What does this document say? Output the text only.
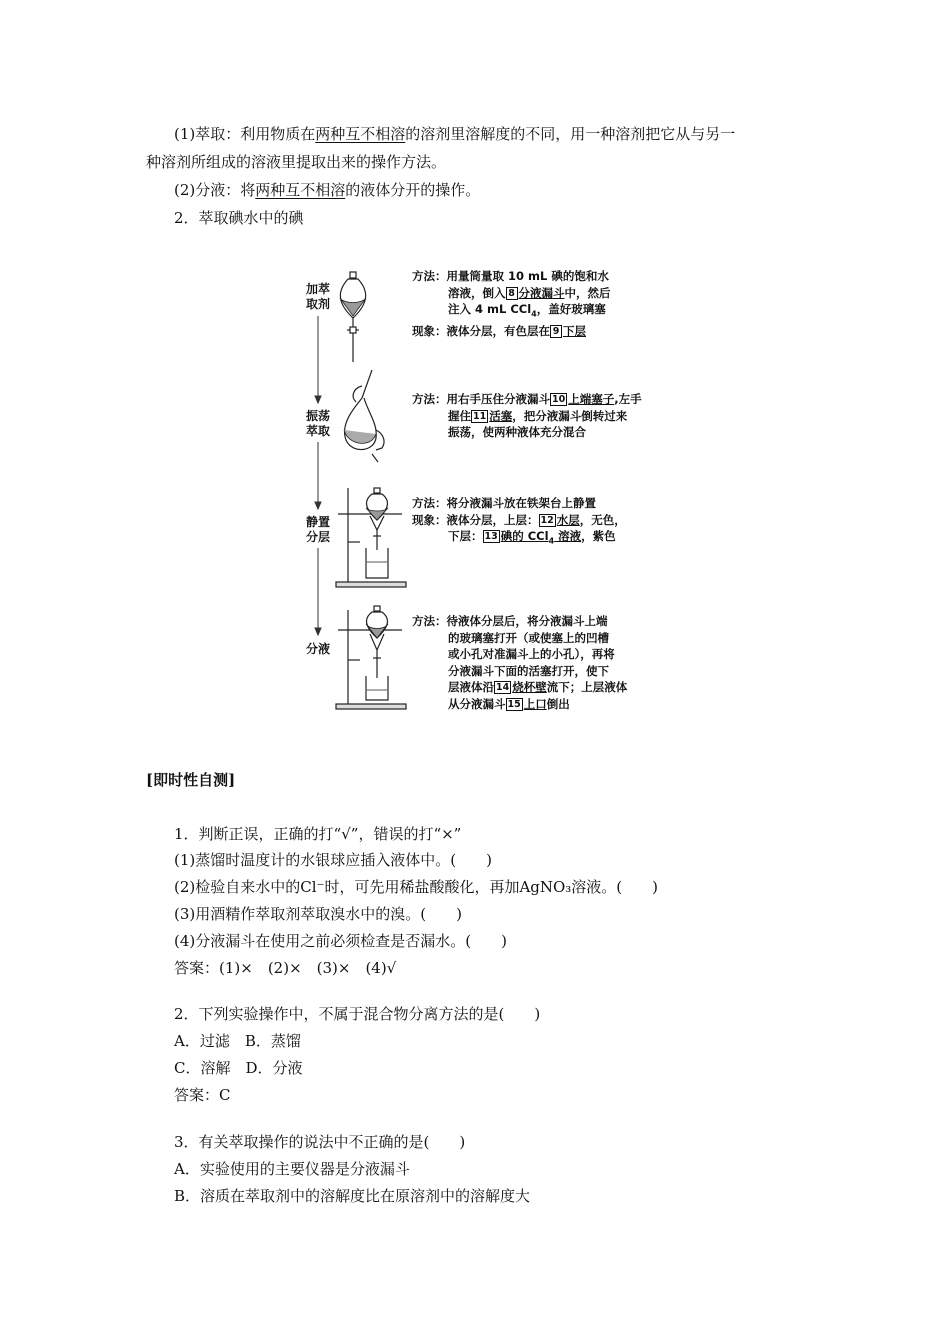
(1)萃取：利用物质在两种互不相溶的溶剂里溶解度的不同，用一种溶剂把它从与另一
种溶剂所组成的溶液里提取出来的操作方法。
(2)分液：将两种互不相溶的液体分开的操作。
2．萃取碘水中的碘
加萃
取剂
振荡
萃取
静置
分层
分液
方法：用量筒量取 10 mL 碘的饱和水
溶液，倒入 8 分液漏斗中，然后
注入 4 mL CCl$_4$，盖好玻璃塞
现象：液体分层，有色层在 9 下层
方法：用右手压住分液漏斗 10 上端塞子,左手
握住 11 活塞，把分液漏斗倒转过来
振荡，使两种液体充分混合
方法：将分液漏斗放在铁架台上静置
现象：液体分层，上层： 12 水层，无色，
下层： 13 碘的 CCl$_4$ 溶液，紫色
方法：待液体分层后，将分液漏斗上端
的玻璃塞打开（或使塞上的凹槽
或小孔对准漏斗上的小孔），再将
分液漏斗下面的活塞打开，使下
层液体沿 14 烧杯壁流下；上层液体
从分液漏斗 15 上口倒出
[即时性自测]
1．判断正误，正确的打“√”，错误的打“×”
(1)蒸馏时温度计的水银球应插入液体中。(　　)
(2)检验自来水中的Cl⁻时，可先用稀盐酸酸化，再加AgNO₃溶液。(　　)
(3)用酒精作萃取剂萃取溴水中的溴。(　　)
(4)分液漏斗在使用之前必须检查是否漏水。(　　)
答案：(1)×　(2)×　(3)×　(4)√
2．下列实验操作中，不属于混合物分离方法的是(　　)
A．过滤　B．蒸馏
C．溶解　D．分液
答案：C
3．有关萃取操作的说法中不正确的是(　　)
A．实验使用的主要仪器是分液漏斗
B．溶质在萃取剂中的溶解度比在原溶剂中的溶解度大
